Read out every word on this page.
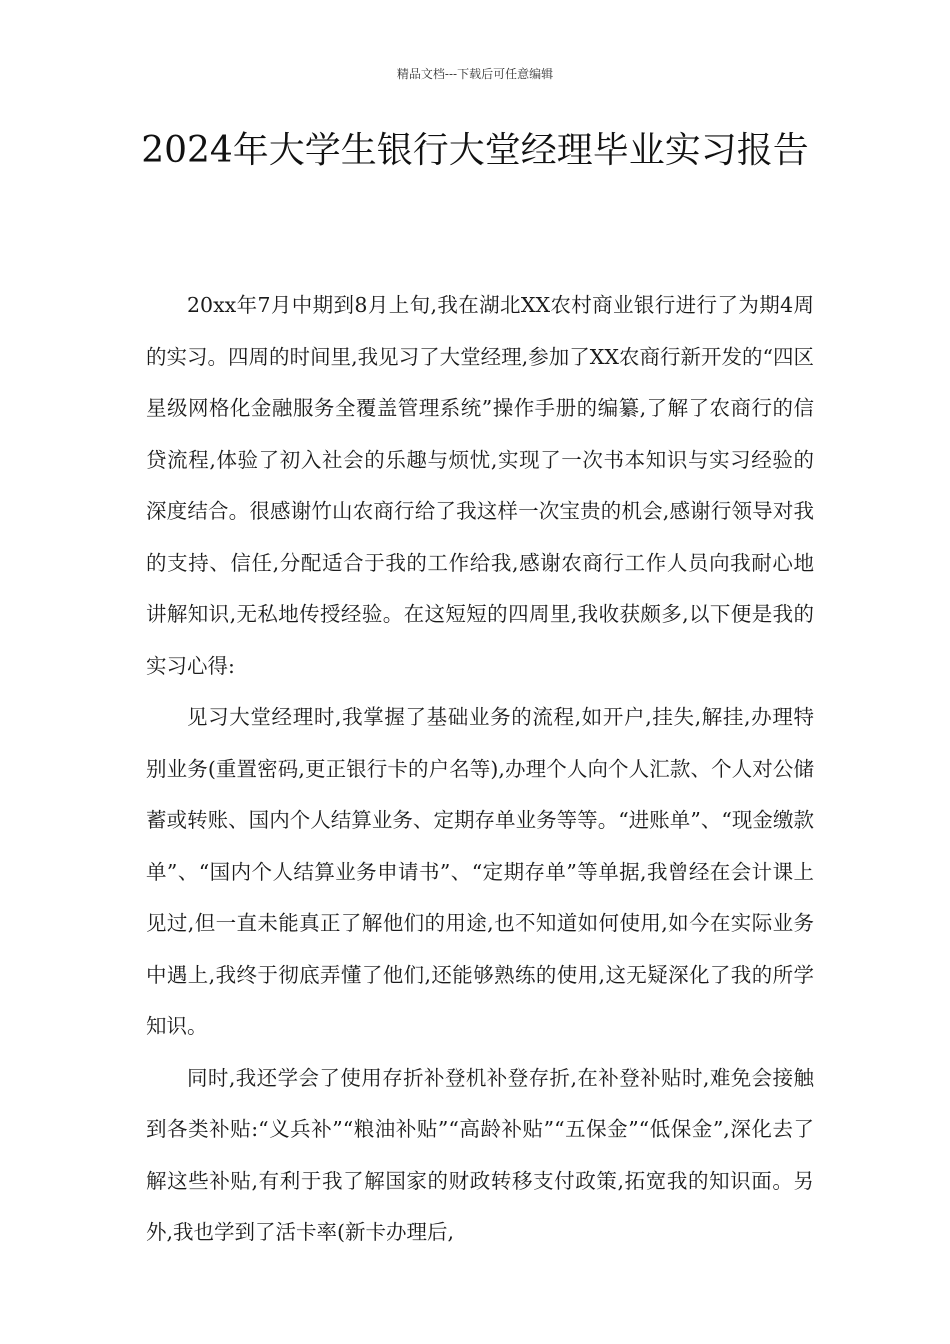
精品文档---下载后可任意编辑
2024年大学生银行大堂经理毕业实习报告

20xx年7月中期到8月上旬,我在湖北XX农村商业银行进行了为期4周的实习。四周的时间里,我见习了大堂经理,参加了XX农商行新开发的“四区星级网格化金融服务全覆盖管理系统”操作手册的编纂,了解了农商行的信贷流程,体验了初入社会的乐趣与烦忧,实现了一次书本知识与实习经验的深度结合。很感谢竹山农商行给了我这样一次宝贵的机会,感谢行领导对我的支持、信任,分配适合于我的工作给我,感谢农商行工作人员向我耐心地讲解知识,无私地传授经验。在这短短的四周里,我收获颇多,以下便是我的实习心得:

见习大堂经理时,我掌握了基础业务的流程,如开户,挂失,解挂,办理特别业务(重置密码,更正银行卡的户名等),办理个人向个人汇款、个人对公储蓄或转账、国内个人结算业务、定期存单业务等等。“进账单”、“现金缴款单”、“国内个人结算业务申请书”、“定期存单”等单据,我曾经在会计课上见过,但一直未能真正了解他们的用途,也不知道如何使用,如今在实际业务中遇上,我终于彻底弄懂了他们,还能够熟练的使用,这无疑深化了我的所学知识。

同时,我还学会了使用存折补登机补登存折,在补登补贴时,难免会接触到各类补贴:“义兵补”“粮油补贴”“高龄补贴”“五保金”“低保金”,深化去了解这些补贴,有利于我了解国家的财政转移支付政策,拓宽我的知识面。另外,我也学到了活卡率(新卡办理后,
